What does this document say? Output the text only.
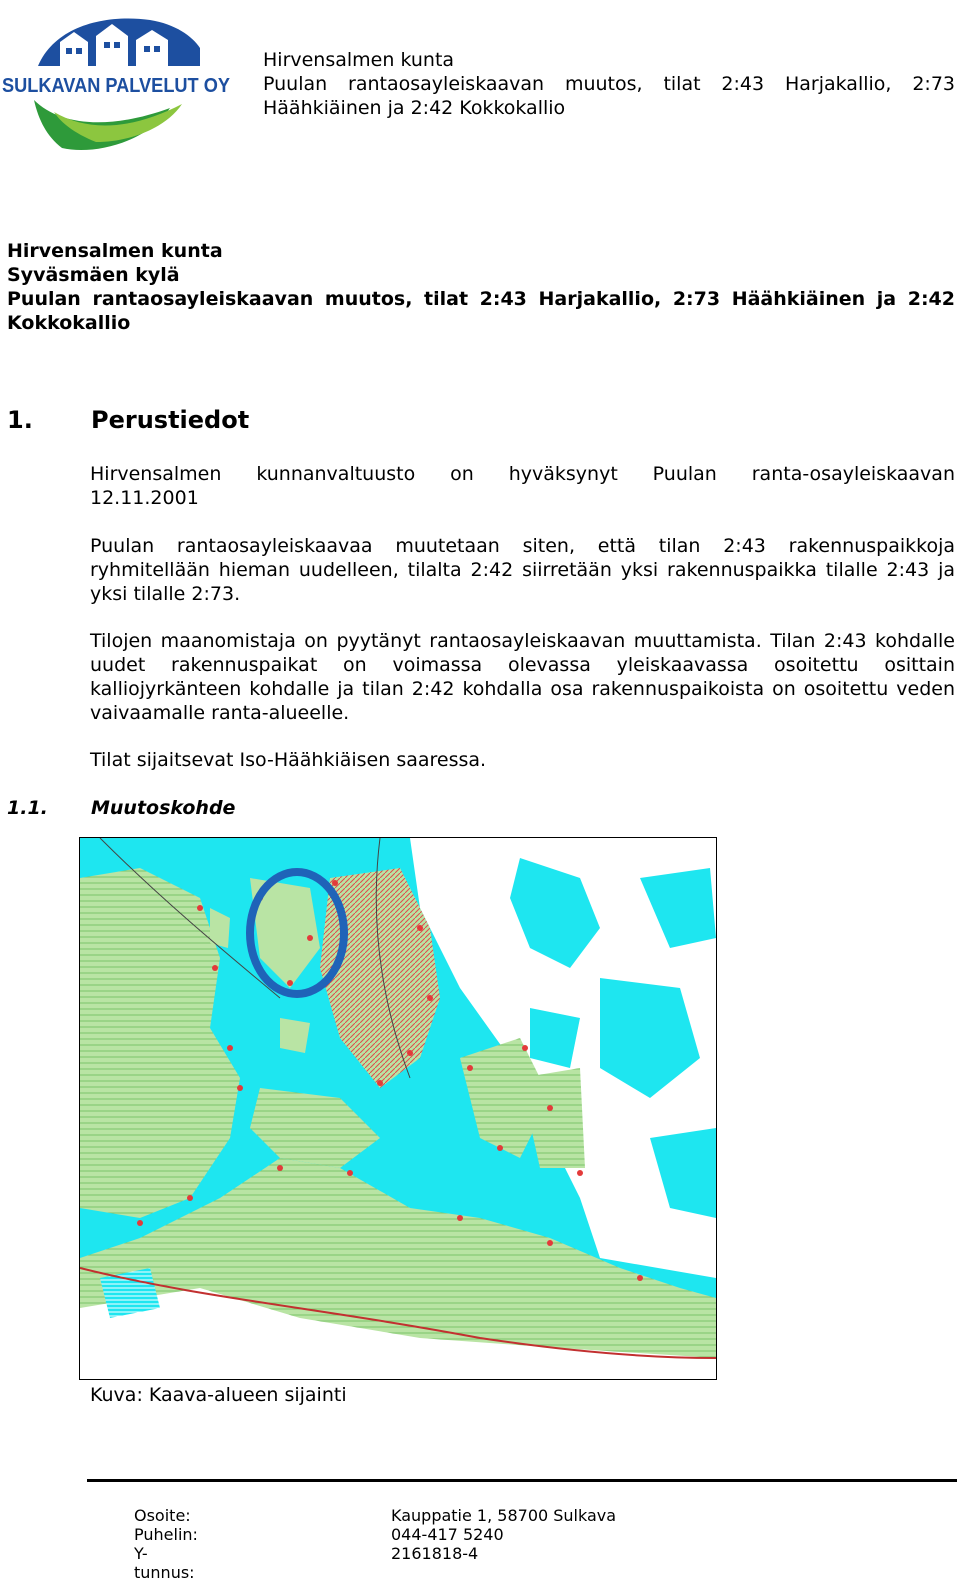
SULKAVAN PALVELUT OY
Hirvensalmen kunta
Puulan rantaosayleiskaavan muutos, tilat 2:43 Harjakallio, 2:73
Häähkiäinen ja 2:42 Kokkokallio
Hirvensalmen kunta
Syväsmäen kylä
Puulan rantaosayleiskaavan muutos, tilat 2:43 Harjakallio, 2:73 Häähkiäinen ja 2:42
Kokkokallio
1. Perustiedot
Hirvensalmen kunnanvaltuusto on hyväksynyt Puulan ranta-osayleiskaavan
12.11.2001
Puulan rantaosayleiskaavaa muutetaan siten, että tilan 2:43 rakennuspaikkoja ryhmitellään hieman uudelleen, tilalta 2:42 siirretään yksi rakennuspaikka tilalle 2:43 ja yksi tilalle 2:73.
Tilojen maanomistaja on pyytänyt rantaosayleiskaavan muuttamista. Tilan 2:43 kohdalle uudet rakennuspaikat on voimassa olevassa yleiskaavassa osoitettu osittain kalliojyrkänteen kohdalle ja tilan 2:42 kohdalla osa rakennuspaikoista on osoitettu veden vaivaamalle ranta-alueelle.
Tilat sijaitsevat Iso-Häähkiäisen saaressa.
1.1. Muutoskohde
Kuva: Kaava-alueen sijainti
Osoite:	Kauppatie 1, 58700 Sulkava
Puhelin:	044-417 5240
Y-tunnus:
2161818-4
